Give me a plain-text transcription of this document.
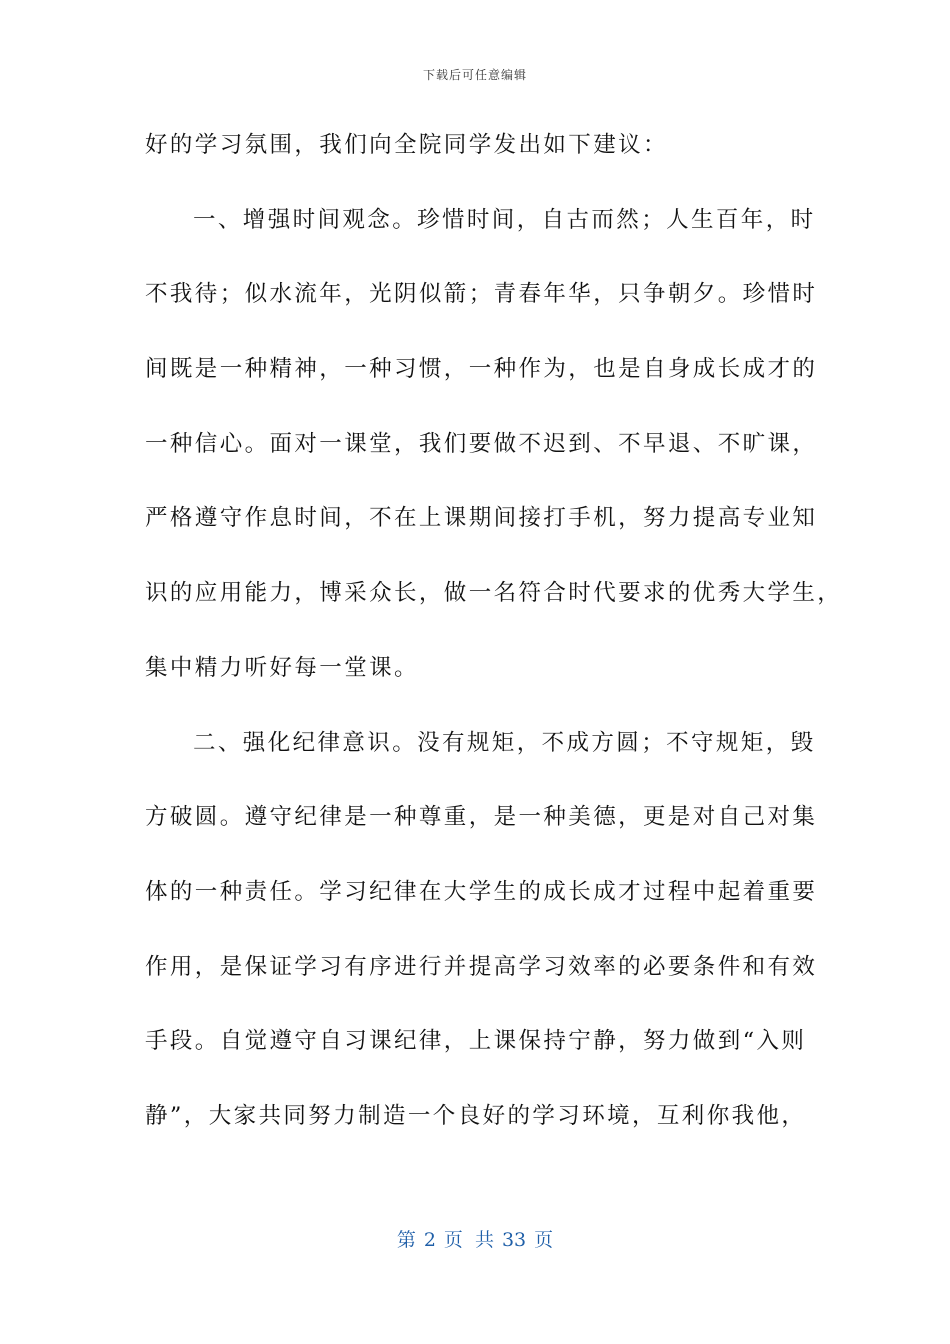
下载后可任意编辑
好的学习氛围，我们向全院同学发出如下建议：
一、增强时间观念。珍惜时间，自古而然；人生百年，时
不我待；似水流年，光阴似箭；青春年华，只争朝夕。珍惜时
间既是一种精神，一种习惯，一种作为，也是自身成长成才的
一种信心。面对一课堂，我们要做不迟到、不早退、不旷课，
严格遵守作息时间，不在上课期间接打手机，努力提高专业知
识的应用能力，博采众长，做一名符合时代要求的优秀大学生，
集中精力听好每一堂课。
二、强化纪律意识。没有规矩，不成方圆；不守规矩，毁
方破圆。遵守纪律是一种尊重，是一种美德，更是对自己对集
体的一种责任。学习纪律在大学生的成长成才过程中起着重要
作用，是保证学习有序进行并提高学习效率的必要条件和有效
手段。自觉遵守自习课纪律，上课保持宁静，努力做到“入则
静”，大家共同努力制造一个良好的学习环境，互利你我他，
第 2 页 共 33 页
